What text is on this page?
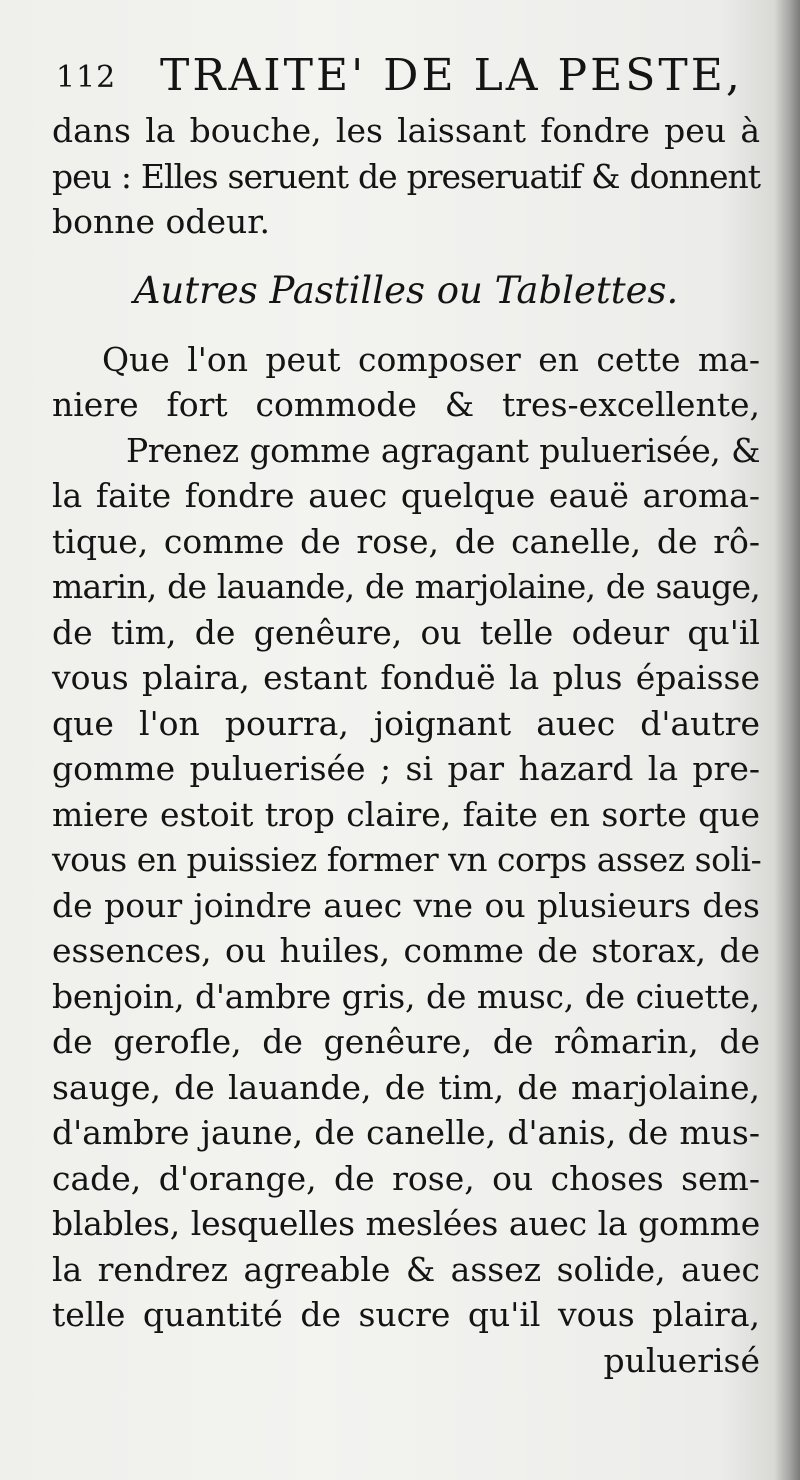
112 TRAITE' DE LA PESTE,
dans la bouche, les laissant fondre peu à
peu : Elles seruent de preseruatif & donnent
bonne odeur.
Autres Pastilles ou Tablettes.
Que l'on peut composer en cette ma-
niere fort commode & tres-excellente,
Prenez gomme agragant puluerisée, &
la faite fondre auec quelque eauë aroma-
tique, comme de rose, de canelle, de rô-
marin, de lauande, de marjolaine, de sauge,
de tim, de genêure, ou telle odeur qu'il
vous plaira, estant fonduë la plus épaisse
que l'on pourra, joignant auec d'autre
gomme puluerisée ; si par hazard la pre-
miere estoit trop claire, faite en sorte que
vous en puissiez former vn corps assez soli-
de pour joindre auec vne ou plusieurs des
essences, ou huiles, comme de storax, de
benjoin, d'ambre gris, de musc, de ciuette,
de gerofle, de genêure, de rômarin, de
sauge, de lauande, de tim, de marjolaine,
d'ambre jaune, de canelle, d'anis, de mus-
cade, d'orange, de rose, ou choses sem-
blables, lesquelles meslées auec la gomme
la rendrez agreable & assez solide, auec
telle quantité de sucre qu'il vous plaira,
puluerisé
